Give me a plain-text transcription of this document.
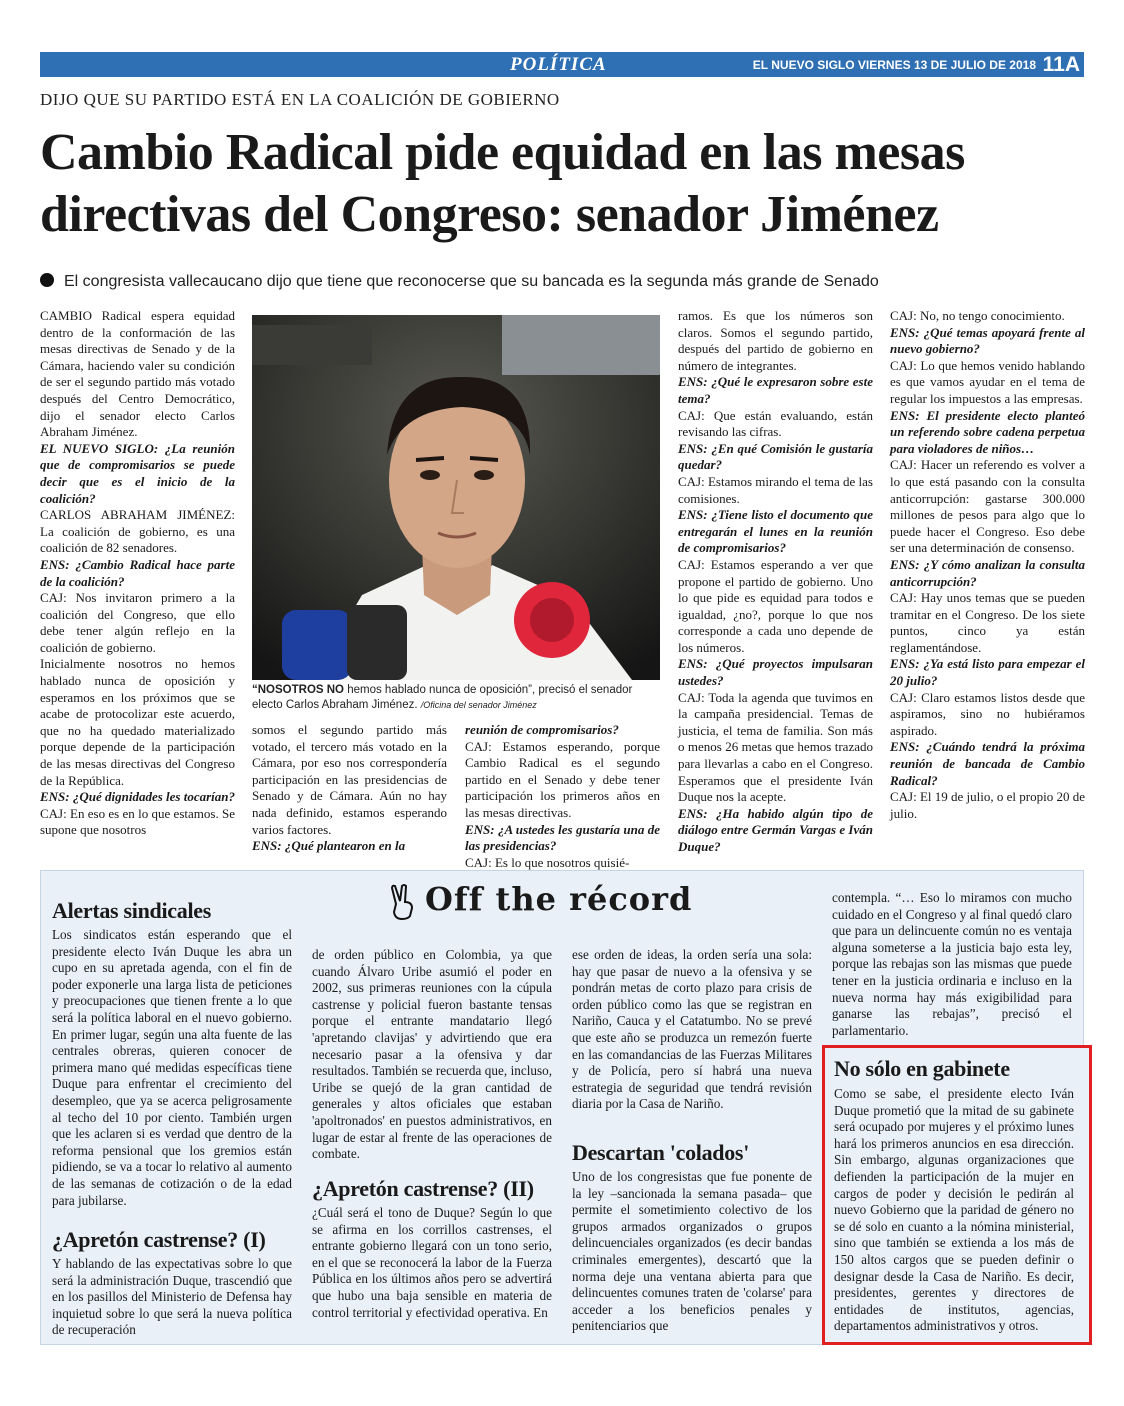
POLÍTICA	EL NUEVO SIGLO VIERNES 13 DE JULIO DE 2018 11A
DIJO QUE SU PARTIDO ESTÁ EN LA COALICIÓN DE GOBIERNO
Cambio Radical pide equidad en las mesas directivas del Congreso: senador Jiménez
El congresista vallecaucano dijo que tiene que reconocerse que su bancada es la segunda más grande de Senado

CAMBIO Radical espera equidad dentro de la conformación de las mesas directivas de Senado y de la Cámara, haciendo valer su condición de ser el segundo partido más votado después del Centro Democrático, dijo el senador electo Carlos Abraham Jiménez.

EL NUEVO SIGLO: ¿La reunión que de compromisarios se puede decir que es el inicio de la coalición?

CARLOS ABRAHAM JIMÉNEZ: La coalición de gobierno, es una coalición de 82 senadores.

ENS: ¿Cambio Radical hace parte de la coalición?

CAJ: Nos invitaron primero a la coalición del Congreso, que ello debe tener algún reflejo en la coalición de gobierno.

Inicialmente nosotros no hemos hablado nunca de oposición y esperamos en los próximos que se acabe de protocolizar este acuerdo, que no ha quedado materializado porque depende de la participación de las mesas directivas del Congreso de la República.

ENS: ¿Qué dignidades les tocarían?

CAJ: En eso es en lo que estamos. Se supone que nosotros

“NOSOTROS NO hemos hablado nunca de oposición”, precisó el senador electo Carlos Abraham Jiménez. /Oficina del senador Jiménez

somos el segundo partido más votado, el tercero más votado en la Cámara, por eso nos correspondería participación en las presidencias de Senado y de Cámara. Aún no hay nada definido, estamos esperando varios factores.

ENS: ¿Qué plantearon en la

reunión de compromisarios?

CAJ: Estamos esperando, porque Cambio Radical es el segundo partido en el Senado y debe tener participación los primeros años en las mesas directivas.

ENS: ¿A ustedes les gustaría una de las presidencias?

CAJ: Es lo que nosotros quisié-

ramos. Es que los números son claros. Somos el segundo partido, después del partido de gobierno en número de integrantes.

ENS: ¿Qué le expresaron sobre este tema?

CAJ: Que están evaluando, están revisando las cifras.

ENS: ¿En qué Comisión le gustaría quedar?

CAJ: Estamos mirando el tema de las comisiones.

ENS: ¿Tiene listo el documento que entregarán el lunes en la reunión de compromisarios?

CAJ: Estamos esperando a ver que propone el partido de gobierno. Uno lo que pide es equidad para todos e igualdad, ¿no?, porque lo que nos corresponde a cada uno depende de los números.

ENS: ¿Qué proyectos impulsaran ustedes?

CAJ: Toda la agenda que tuvimos en la campaña presidencial. Temas de justicia, el tema de familia. Son más o menos 26 metas que hemos trazado para llevarlas a cabo en el Congreso. Esperamos que el presidente Iván Duque nos la acepte.

ENS: ¿Ha habido algún tipo de diálogo entre Germán Vargas e Iván Duque?

CAJ: No, no tengo conocimiento.

ENS: ¿Qué temas apoyará frente al nuevo gobierno?

CAJ: Lo que hemos venido hablando es que vamos ayudar en el tema de regular los impuestos a las empresas.

ENS: El presidente electo planteó un referendo sobre cadena perpetua para violadores de niños…

CAJ: Hacer un referendo es volver a lo que está pasando con la consulta anticorrupción: gastarse 300.000 millones de pesos para algo que lo puede hacer el Congreso. Eso debe ser una determinación de consenso.

ENS: ¿Y cómo analizan la consulta anticorrupción?

CAJ: Hay unos temas que se pueden tramitar en el Congreso. De los siete puntos, cinco ya están reglamentándose.

ENS: ¿Ya está listo para empezar el 20 julio?

CAJ: Claro estamos listos desde que aspiramos, sino no hubiéramos aspirado.

ENS: ¿Cuándo tendrá la próxima reunión de bancada de Cambio Radical?

CAJ: El 19 de julio, o el propio 20 de julio.

Off the récord
Alertas sindicales
Los sindicatos están esperando que el presidente electo Iván Duque les abra un cupo en su apretada agenda, con el fin de poder exponerle una larga lista de peticiones y preocupaciones que tienen frente a lo que será la política laboral en el nuevo gobierno. En primer lugar, según una alta fuente de las centrales obreras, quieren conocer de primera mano qué medidas específicas tiene Duque para enfrentar el crecimiento del desempleo, que ya se acerca peligrosamente al techo del 10 por ciento. También urgen que les aclaren si es verdad que dentro de la reforma pensional que los gremios están pidiendo, se va a tocar lo relativo al aumento de las semanas de cotización o de la edad para jubilarse.
¿Apretón castrense? (I)
Y hablando de las expectativas sobre lo que será la administración Duque, trascendió que en los pasillos del Ministerio de Defensa hay inquietud sobre lo que será la nueva política de recuperación
de orden público en Colombia, ya que cuando Álvaro Uribe asumió el poder en 2002, sus primeras reuniones con la cúpula castrense y policial fueron bastante tensas porque el entrante mandatario llegó 'apretando clavijas' y advirtiendo que era necesario pasar a la ofensiva y dar resultados. También se recuerda que, incluso, Uribe se quejó de la gran cantidad de generales y altos oficiales que estaban 'apoltronados' en puestos administrativos, en lugar de estar al frente de las operaciones de combate.
¿Apretón castrense? (II)
¿Cuál será el tono de Duque? Según lo que se afirma en los corrillos castrenses, el entrante gobierno llegará con un tono serio, en el que se reconocerá la labor de la Fuerza Pública en los últimos años pero se advertirá que hubo una baja sensible en materia de control territorial y efectividad operativa. En
ese orden de ideas, la orden sería una sola: hay que pasar de nuevo a la ofensiva y se pondrán metas de corto plazo para crisis de orden público como las que se registran en Nariño, Cauca y el Catatumbo. No se prevé que este año se produzca un remezón fuerte en las comandancias de las Fuerzas Militares y de Policía, pero sí habrá una nueva estrategia de seguridad que tendrá revisión diaria por la Casa de Nariño.
Descartan 'colados'
Uno de los congresistas que fue ponente de la ley –sancionada la semana pasada– que permite el sometimiento colectivo de los grupos armados organizados o grupos delincuenciales organizados (es decir bandas criminales emergentes), descartó que la norma deje una ventana abierta para que delincuentes comunes traten de 'colarse' para acceder a los beneficios penales y penitenciarios que
contempla. “… Eso lo miramos con mucho cuidado en el Congreso y al final quedó claro que para un delincuente común no es ventaja alguna someterse a la justicia bajo esta ley, porque las rebajas son las mismas que puede tener en la justicia ordinaria e incluso en la nueva norma hay más exigibilidad para ganarse las rebajas”, precisó el parlamentario.
No sólo en gabinete
Como se sabe, el presidente electo Iván Duque prometió que la mitad de su gabinete será ocupado por mujeres y el próximo lunes hará los primeros anuncios en esa dirección. Sin embargo, algunas organizaciones que defienden la participación de la mujer en cargos de poder y decisión le pedirán al nuevo Gobierno que la paridad de género no se dé solo en cuanto a la nómina ministerial, sino que también se extienda a los más de 150 altos cargos que se pueden definir o designar desde la Casa de Nariño. Es decir, presidentes, gerentes y directores de entidades de institutos, agencias, departamentos administrativos y otros.
